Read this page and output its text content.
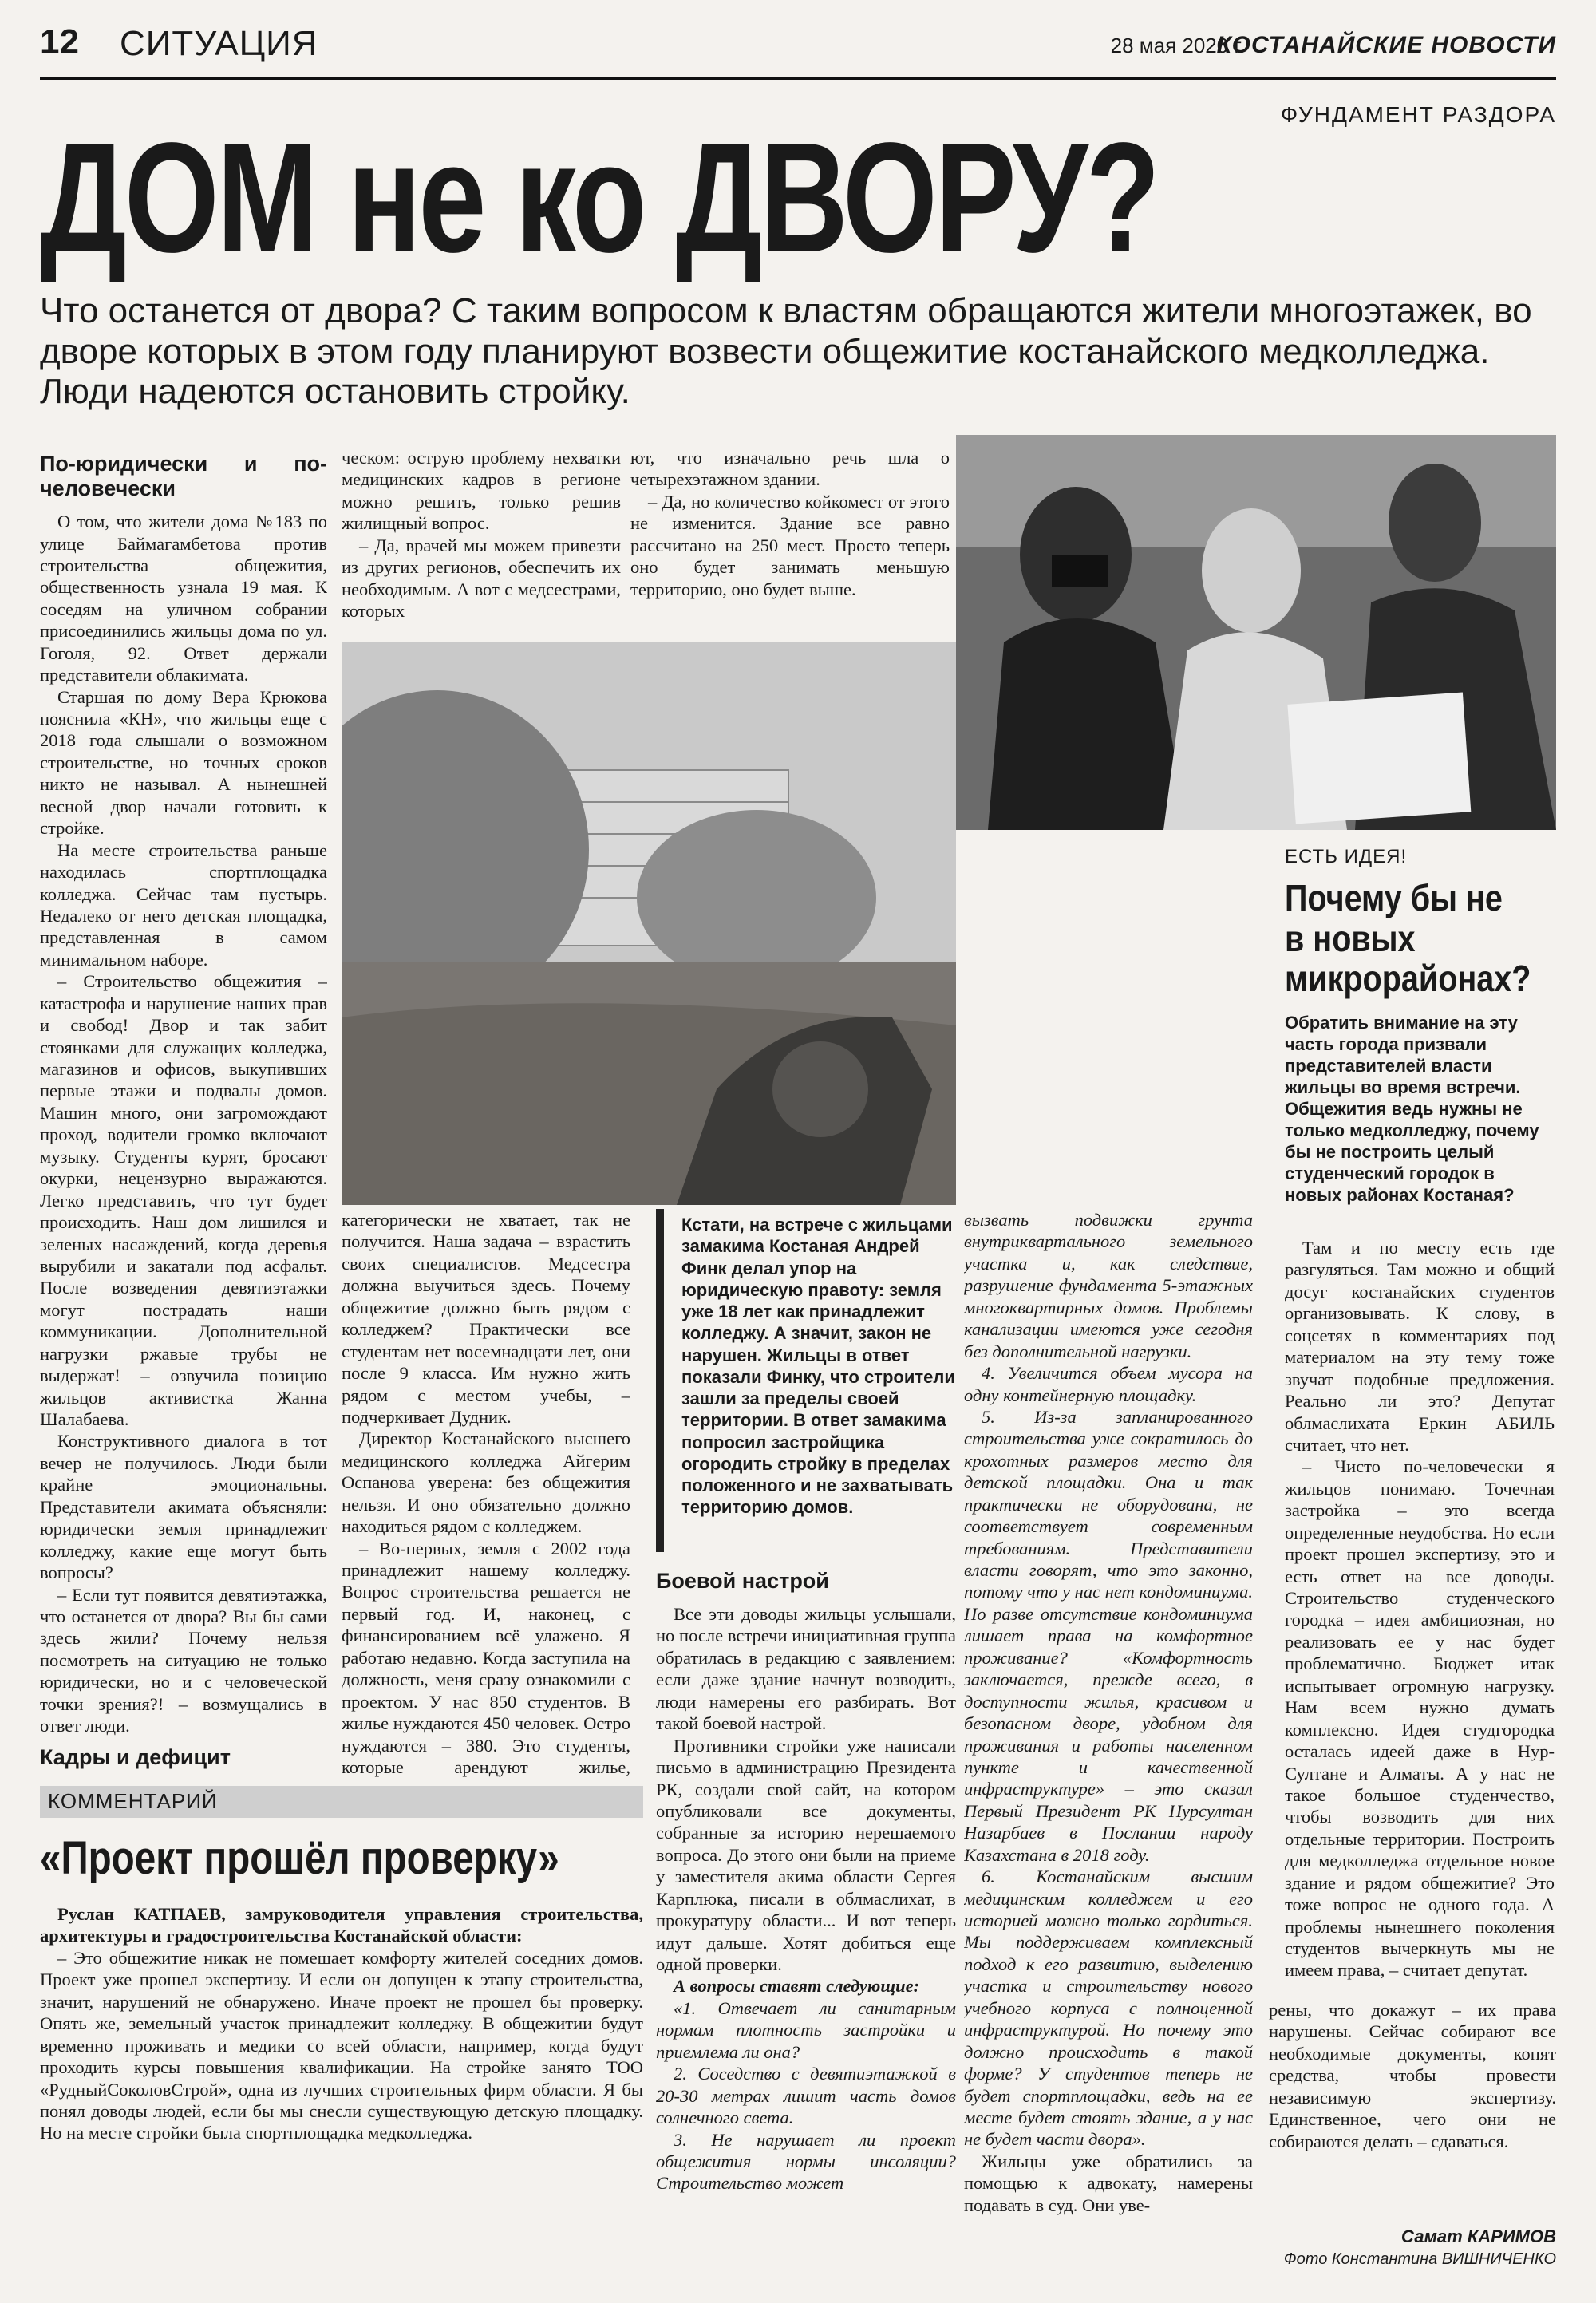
12 СИТУАЦИЯ	28 мая 2020 г.
КОСТАНАЙСКИЕ НОВОСТИ
ФУНДАМЕНТ РАЗДОРА
ДОМ не ко ДВОРУ?

Что останется от двора? С таким вопросом к властям обращаются жители многоэтажек, во дворе которых в этом году планируют возвести общежитие костанайского медколледжа. Люди надеются остановить стройку.

По-юридически и по-человечески

О том, что жители дома №183 по улице Баймагамбетова против строительства общежития, общественность узнала 19 мая. К соседям на уличном собрании присоединились жильцы дома по ул. Гоголя, 92. Ответ держали представители облакимата.

Старшая по дому Вера Крюкова пояснила «КН», что жильцы еще с 2018 года слышали о возможном строительстве, но точных сроков никто не называл. А нынешней весной двор начали готовить к стройке.

На месте строительства раньше находилась спортплощадка колледжа. Сейчас там пустырь. Недалеко от него детская площадка, представленная в самом минимальном наборе.

– Строительство общежития – катастрофа и нарушение наших прав и свобод! Двор и так забит стоянками для служащих колледжа, магазинов и офисов, выкупивших первые этажи и подвалы домов. Машин много, они загромождают проход, водители громко включают музыку. Студенты курят, бросают окурки, нецензурно выражаются. Легко представить, что тут будет происходить. Наш дом лишился и зеленых насаждений, когда деревья вырубили и закатали под асфальт. После возведения девятиэтажки могут пострадать наши коммуникации. Дополнительной нагрузки ржавые трубы не выдержат! – озвучила позицию жильцов активистка Жанна Шалабаева.

Конструктивного диалога в тот вечер не получилось. Люди были крайне эмоциональны. Представители акимата объясняли: юридически земля принадлежит колледжу, какие еще могут быть вопросы?

– Если тут появится девятиэтажка, что останется от двора? Вы бы сами здесь жили? Почему нельзя посмотреть на ситуацию не только юридически, но и с человеческой точки зрения?! – возмущались в ответ люди.

Кадры и дефицит

ческом: острую проблему нехватки медицинских кадров в регионе можно решить, только решив жилищный вопрос.

– Да, врачей мы можем привезти из других регионов, обеспечить их необходимым. А вот с медсестрами, которых

ют, что изначально речь шла о четырехэтажном здании.

– Да, но количество койкомест от этого не изменится. Здание все равно рассчитано на 250 мест. Просто теперь оно будет занимать меньшую территорию, оно будет выше.

категорически не хватает, так не получится. Наша задача – взрастить своих специалистов. Медсестра должна выучиться здесь. Почему общежитие должно быть рядом с колледжем? Практически все студентам нет восемнадцати лет, они после 9 класса. Им нужно жить рядом с местом учебы, – подчеркивает Дудник.

Директор Костанайского высшего медицинского колледжа Айгерим Оспанова уверена: без общежития нельзя. И оно обязательно должно находиться рядом с колледжем.

– Во-первых, земля с 2002 года принадлежит нашему колледжу. Вопрос строительства решается не первый год. И, наконец, с финансированием всё улажено. Я работаю недавно. Когда заступила на должность, меня сразу ознакомили с проектом. У нас 850 студентов. В жилье нуждаются 450 человек. Остро нуждаются – 380. Это студенты, которые арендуют жилье,

Кстати, на встрече с жильцами замакима Костаная Андрей Финк делал упор на юридическую правоту: земля уже 18 лет как принадлежит колледжу. А значит, закон не нарушен. Жильцы в ответ показали Финку, что строители зашли за пределы своей территории. В ответ замакима попросил застройщика огородить стройку в пределах положенного и не захватывать территорию домов.
Боевой настрой

Все эти доводы жильцы услышали, но после встречи инициативная группа обратилась в редакцию с заявлением: если даже здание начнут возводить, люди намерены его разбирать. Вот такой боевой настрой.

Противники стройки уже написали письмо в администрацию Президента РК, создали свой сайт, на котором опубликовали все документы, собранные за историю нерешаемого вопроса. До этого они были на приеме у заместителя акима области Сергея Карплюка, писали в облмаслихат, в прокуратуру области... И вот теперь идут дальше. Хотят добиться еще одной проверки.

А вопросы ставят следующие:

«1. Отвечает ли санитарным нормам плотность застройки и приемлема ли она?

2. Соседство с девятиэтажкой в 20-30 метрах лишит часть домов солнечного света.

3. Не нарушает ли проект общежития нормы инсоляции? Строительство может

вызвать подвижки грунта внутриквартального земельного участка и, как следствие, разрушение фундамента 5-этажных многоквартирных домов. Проблемы канализации имеются уже сегодня без дополнительной нагрузки.

4. Увеличится объем мусора на одну контейнерную площадку.

5. Из-за запланированного строительства уже сократилось до крохотных размеров место для детской площадки. Она и так практически не оборудована, не соответствует современным требованиям. Представители власти говорят, что это законно, потому что у нас нет кондоминиума. Но разве отсутствие кондоминиума лишает права на комфортное проживание? «Комфортность заключается, прежде всего, в доступности жилья, красивом и безопасном дворе, удобном для проживания и работы населенном пункте и качественной инфраструктуре» – это сказал Первый Президент РК Нурсултан Назарбаев в Послании народу Казахстана в 2018 году.

6. Костанайским высшим медицинским колледжем и его историей можно только гордиться. Мы поддерживаем комплексный подход к его развитию, выделению участка и строительству нового учебного корпуса с полноценной инфраструктурой. Но почему это должно происходить в такой форме? У студентов теперь не будет спортплощадки, ведь на ее месте будет стоять здание, а у нас не будет части двора».

Жильцы уже обратились за помощью к адвокату, намерены подавать в суд. Они уве-

ЕСТЬ ИДЕЯ!
Почему бы не в новых микрорайонах?
Обратить внимание на эту часть города призвали представителей власти жильцы во время встречи. Общежития ведь нужны не только медколледжу, почему бы не построить целый студенческий городок в новых районах Костаная?

Там и по месту есть где разгуляться. Там можно и общий досуг костанайских студентов организовывать. К слову, в соцсетях в комментариях под материалом на эту тему тоже звучат подобные предложения. Реально ли это? Депутат облмаслихата Еркин АБИЛЬ считает, что нет.

– Чисто по-человечески я жильцов понимаю. Точечная застройка – это всегда определенные неудобства. Но если проект прошел экспертизу, это и есть ответ на все доводы. Строительство студенческого городка – идея амбициозная, но реализовать ее у нас будет проблематично. Бюджет итак испытывает огромную нагрузку. Нам всем нужно думать комплексно. Идея студгородка осталась идеей даже в Нур-Султане и Алматы. А у нас не такое большое студенчество, чтобы возводить для них отдельные территории. Построить для медколледжа отдельное новое здание и рядом общежитие? Это тоже вопрос не одного года. А проблемы нынешнего поколения студентов вычеркнуть мы не имеем права, – считает депутат.

рены, что докажут – их права нарушены. Сейчас собирают все необходимые документы, копят средства, чтобы провести независимую экспертизу. Единственное, чего они не собираются делать – сдаваться.

Самат КАРИМОВ
Фото Константина ВИШНИЧЕНКО
КОММЕНТАРИЙ
«Проект прошёл проверку»

Руслан КАТПАЕВ, замруководителя управления строительства, архитектуры и градостроительства Костанайской области:

– Это общежитие никак не помешает комфорту жителей соседних домов. Проект уже прошел экспертизу. И если он допущен к этапу строительства, значит, нарушений не обнаружено. Иначе проект не прошел бы проверку. Опять же, земельный участок принадлежит колледжу. В общежитии будут временно проживать и медики со всей области, например, когда будут проходить курсы повышения квалификации. На стройке занято ТОО «РудныйСоколовСтрой», одна из лучших строительных фирм области. Я бы понял доводы людей, если бы мы снесли существующую детскую площадку. Но на месте стройки была спортплощадка медколледжа.
